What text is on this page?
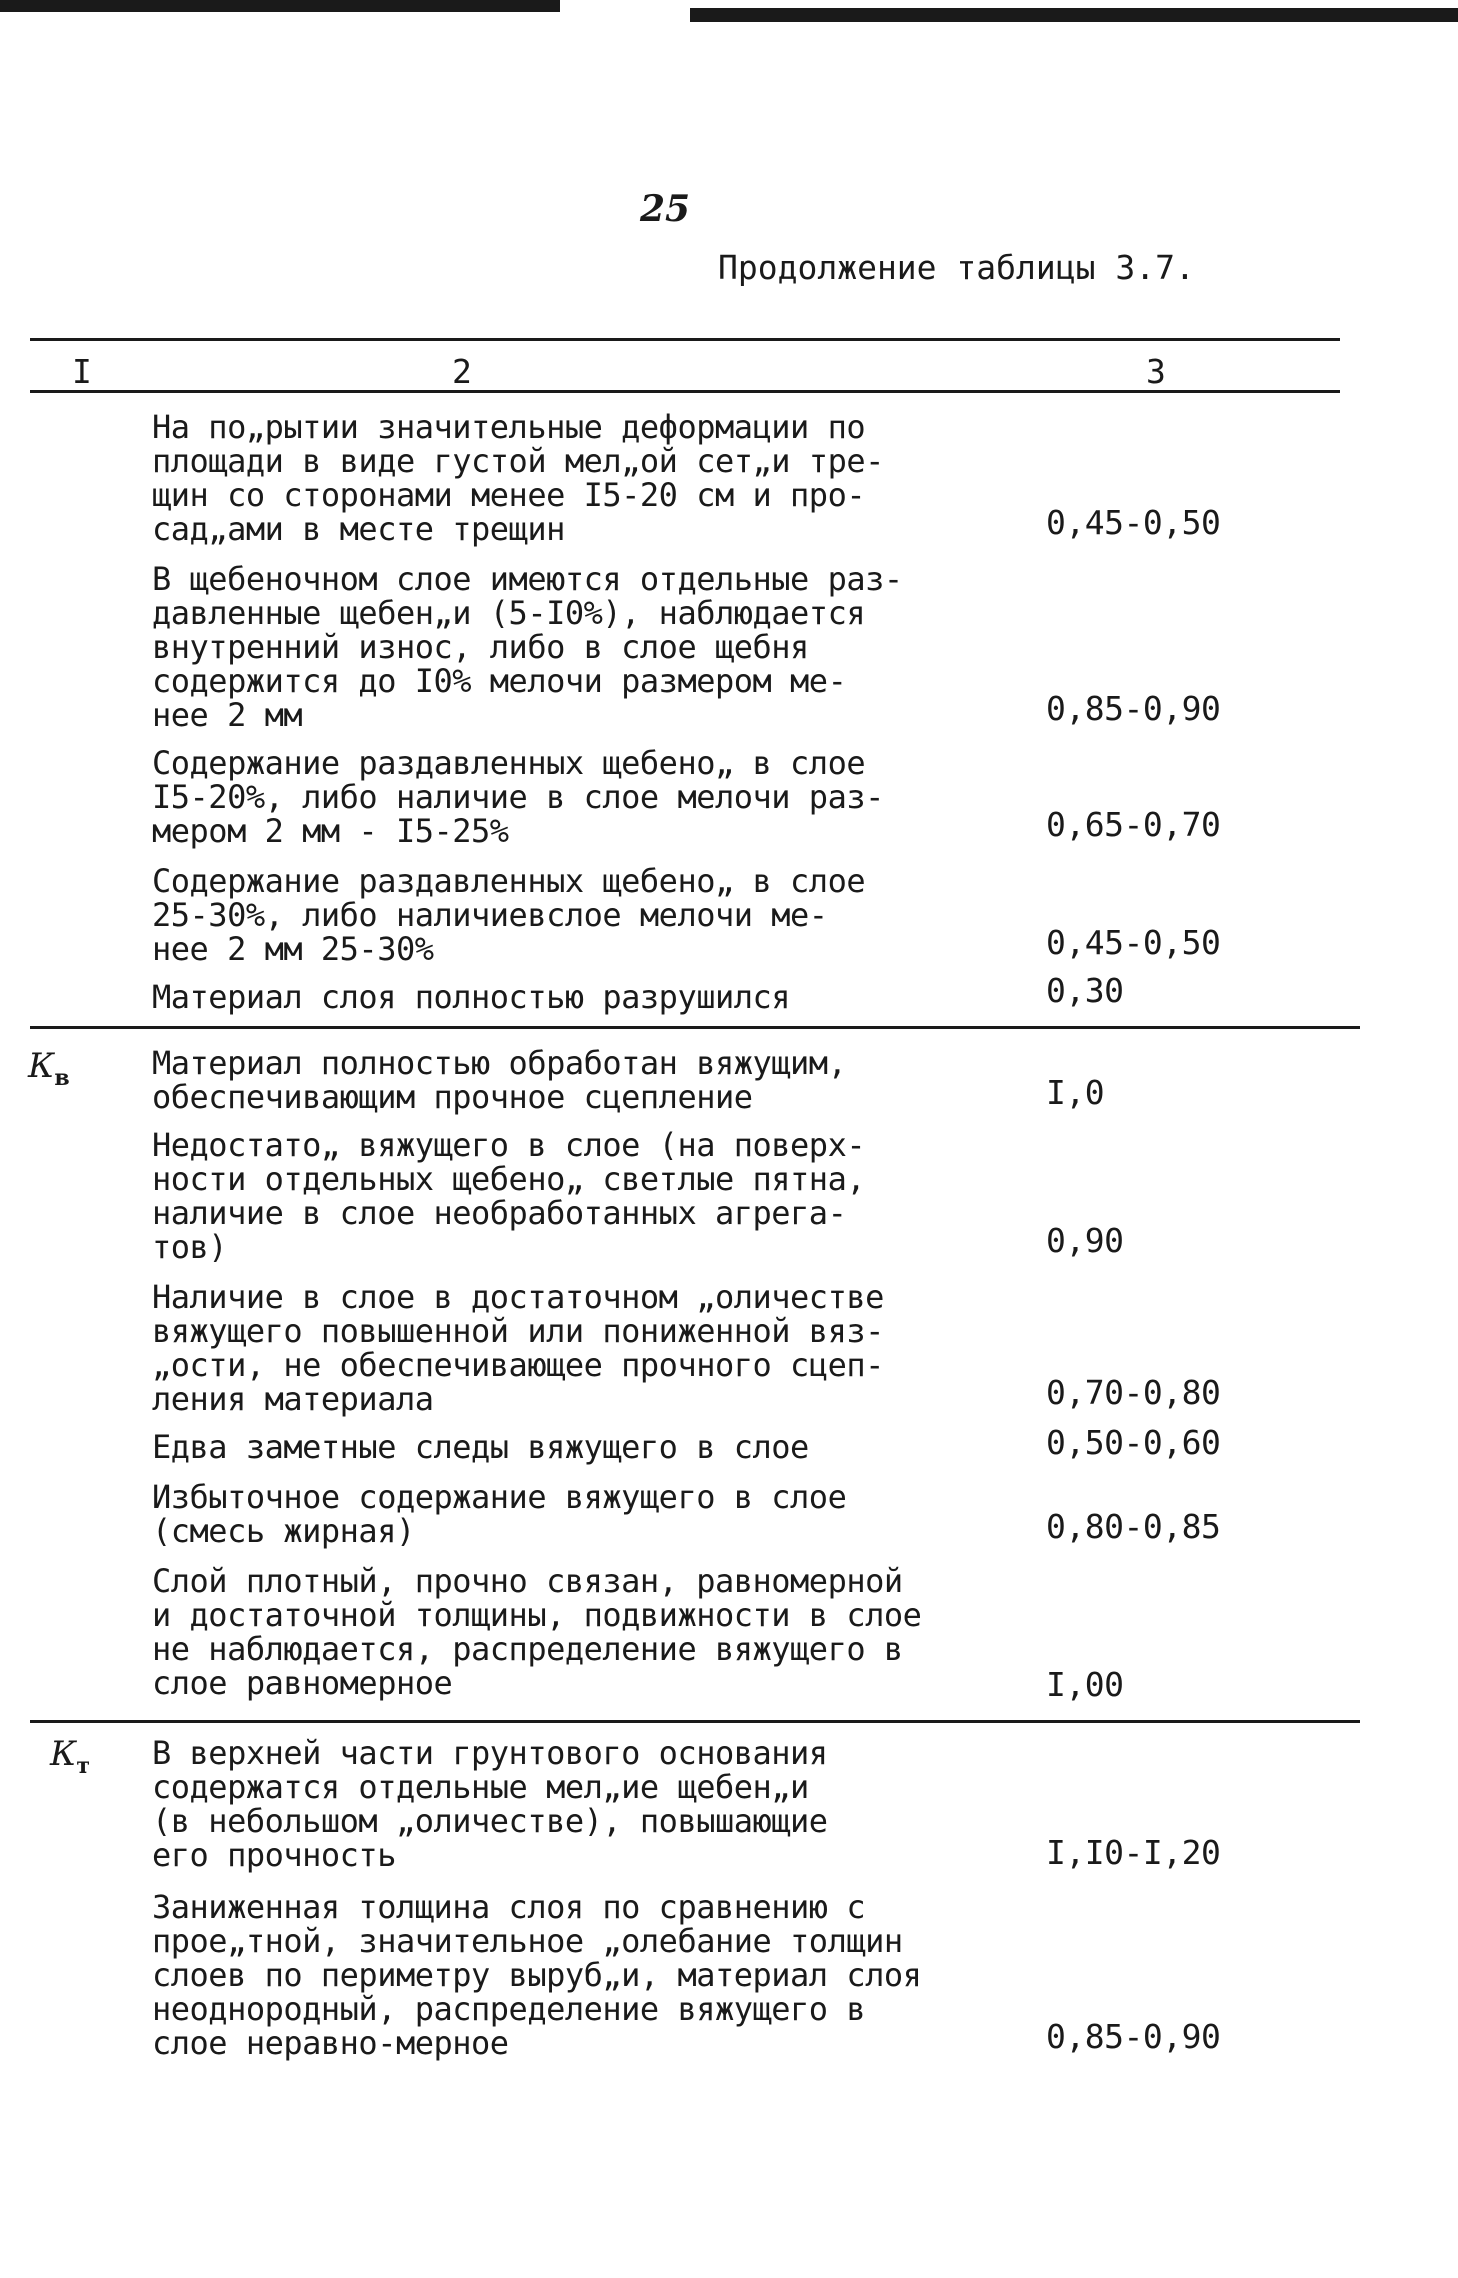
25
Продолжение таблицы 3.7.
I	2	3
На по„рытии значительные деформации по
площади в виде густой мел„ой сет„и тре-
щин со сторонами менее I5-20 см и про-
сад„ами в месте трещин	0,45-0,50
В щебеночном слое имеются отдельные раз-
давленные щебен„и (5-I0%), наблюдается
внутренний износ, либо в слое щебня
содержится до I0% мелочи размером ме-
нее 2 мм	0,85-0,90
Содержание раздавленных щебено„ в слое
I5-20%, либо наличие в слое мелочи раз-
мером 2 мм - I5-25%	0,65-0,70
Содержание раздавленных щебено„ в слое
25-30%, либо наличиевслое мелочи ме-
нее 2 мм 25-30%	0,45-0,50
Материал слоя полностью разрушился	0,30
$К_в$	Материал полностью обработан вяжущим,
обеспечивающим прочное сцепление	I,0
Недостато„ вяжущего в слое (на поверх-
ности отдельных щебено„ светлые пятна,
наличие в слое необработанных агрега-
тов)	0,90
Наличие в слое в достаточном „оличестве
вяжущего повышенной или пониженной вяз-
„ости, не обеспечивающее прочного сцеп-
ления материала	0,70-0,80
Едва заметные следы вяжущего в слое	0,50-0,60
Избыточное содержание вяжущего в слое
(смесь жирная)	0,80-0,85
Слой плотный, прочно связан, равномерной
и достаточной толщины, подвижности в слое
не наблюдается, распределение вяжущего в
слое равномерное	I,00
$К_т$ В верхней части грунтового основания
содержатся отдельные мел„ие щебен„и
(в небольшом „оличестве), повышающие
его прочность	I,I0-I,20
Заниженная толщина слоя по сравнению с
прое„тной, значительное „олебание толщин
слоев по периметру выруб„и, материал слоя
неоднородный, распределение вяжущего в
слое неравно-мерное	0,85-0,90
